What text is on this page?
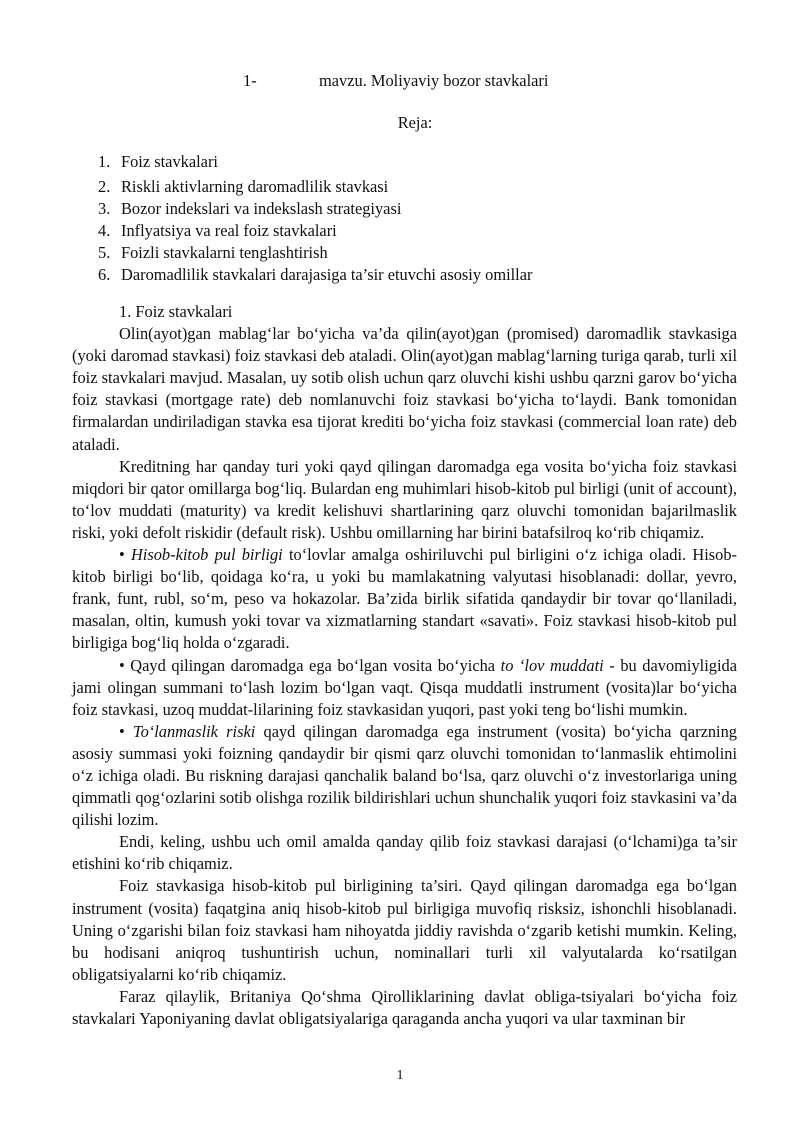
1-	mavzu. Moliyaviy bozor stavkalari
Reja:
1. Foiz stavkalari
2. Riskli aktivlarning daromadlilik stavkasi
3. Bozor indekslari va indekslash strategiyasi
4. Inflyatsiya va real foiz stavkalari
5. Foizli stavkalarni tenglashtirish
6. Daromadlilik stavkalari darajasiga ta’sir etuvchi asosiy omillar

1. Foiz stavkalari

Olin(ayot)gan mablag‘lar bo‘yicha va’da qilin(ayot)gan (promised) daromadlik stavkasiga (yoki daromad stavkasi) foiz stavkasi deb ataladi. Olin(ayot)gan mablag‘larning turiga qarab, turli xil foiz stavkalari mavjud. Masalan, uy sotib olish uchun qarz oluvchi kishi ushbu qarzni garov bo‘yicha foiz stavkasi (mortgage rate) deb nomlanuvchi foiz stavkasi bo‘yicha to‘laydi. Bank tomonidan firmalardan undiriladigan stavka esa tijorat krediti bo‘yicha foiz stavkasi (commercial loan rate) deb ataladi.

Kreditning har qanday turi yoki qayd qilingan daromadga ega vosita bo‘yicha foiz stavkasi miqdori bir qator omillarga bog‘liq. Bulardan eng muhimlari hisob-kitob pul birligi (unit of account), to‘lov muddati (maturity) va kredit kelishuvi shartlarining qarz oluvchi tomonidan bajarilmaslik riski, yoki defolt riskidir (default risk). Ushbu omillarning har birini batafsilroq ko‘rib chiqamiz.

• Hisob-kitob pul birligi to‘lovlar amalga oshiriluvchi pul birligini o‘z ichiga oladi. Hisob-kitob birligi bo‘lib, qoidaga ko‘ra, u yoki bu mamlakatning valyutasi hisoblanadi: dollar, yevro, frank, funt, rubl, so‘m, peso va hokazolar. Ba’zida birlik sifatida qandaydir bir tovar qo‘llaniladi, masalan, oltin, kumush yoki tovar va xizmatlarning standart «savati». Foiz stavkasi hisob-kitob pul birligiga bog‘liq holda o‘zgaradi.

• Qayd qilingan daromadga ega bo‘lgan vosita bo‘yicha to ‘lov muddati - bu davomiyligida jami olingan summani to‘lash lozim bo‘lgan vaqt. Qisqa muddatli instrument (vosita)lar bo‘yicha foiz stavkasi, uzoq muddat-lilarining foiz stavkasidan yuqori, past yoki teng bo‘lishi mumkin.

• To‘lanmaslik riski qayd qilingan daromadga ega instrument (vosita) bo‘yicha qarzning asosiy summasi yoki foizning qandaydir bir qismi qarz oluvchi tomonidan to‘lanmaslik ehtimolini o‘z ichiga oladi. Bu riskning darajasi qanchalik baland bo‘lsa, qarz oluvchi o‘z investorlariga uning qimmatli qog‘ozlarini sotib olishga rozilik bildirishlari uchun shunchalik yuqori foiz stavkasini va’da qilishi lozim.

Endi, keling, ushbu uch omil amalda qanday qilib foiz stavkasi darajasi (o‘lchami)ga ta’sir etishini ko‘rib chiqamiz.

Foiz stavkasiga hisob-kitob pul birligining ta’siri. Qayd qilingan daromadga ega bo‘lgan instrument (vosita) faqatgina aniq hisob-kitob pul birligiga muvofiq risksiz, ishonchli hisoblanadi. Uning o‘zgarishi bilan foiz stavkasi ham nihoyatda jiddiy ravishda o‘zgarib ketishi mumkin. Keling, bu hodisani aniqroq tushuntirish uchun, nominallari turli xil valyutalarda ko‘rsatilgan obligatsiyalarni ko‘rib chiqamiz.

Faraz qilaylik, Britaniya Qo‘shma Qirolliklarining davlat obliga-tsiyalari bo‘yicha foiz stavkalari Yaponiyaning davlat obligatsiyalariga qaraganda ancha yuqori va ular taxminan bir

1
